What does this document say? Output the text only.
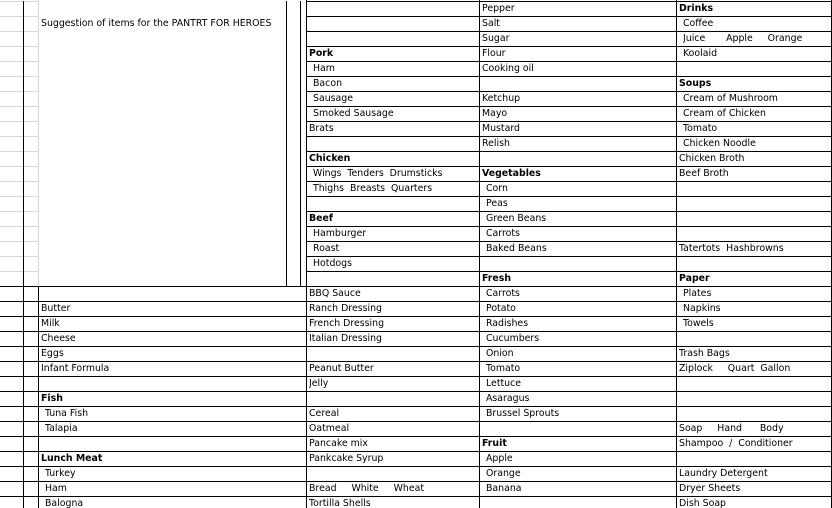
Suggestion of items for the PANTRT FOR HEROES
Butter
Milk
Cheese
Eggs
Infant Formula
Fish
Tuna Fish
Talapia
Lunch Meat
Turkey
Ham
Balogna
Pork
Ham
Bacon
Sausage
Smoked Sausage
Brats
Chicken
Wings  Tenders  Drumsticks
Thighs  Breasts  Quarters
Beef
Hamburger
Roast
Hotdogs
BBQ Sauce
Ranch Dressing
French Dressing
Italian Dressing
Peanut Butter
Jelly
Cereal
Oatmeal
Pancake mix
Pankcake Syrup
Bread     White     Wheat
Tortilla Shells
Pepper
Salt
Sugar
Flour
Cooking oil
Ketchup
Mayo
Mustard
Relish
Vegetables
Corn
Peas
Green Beans
Carrots
Baked Beans
Fresh
Carrots
Potato
Radishes
Cucumbers
Onion
Tomato
Lettuce
Asaragus
Brussel Sprouts
Fruit
Apple
Orange
Banana
Drinks
Coffee
Juice       Apple     Orange
Koolaid
Soups
Cream of Mushroom
Cream of Chicken
Tomato
Chicken Noodle
Chicken Broth
Beef Broth
Tatertots  Hashbrowns
Paper
Plates
Napkins
Towels
Trash Bags
Ziplock     Quart  Gallon
Soap     Hand      Body
Shampoo  /  Conditioner
Laundry Detergent
Dryer Sheets
Dish Soap
